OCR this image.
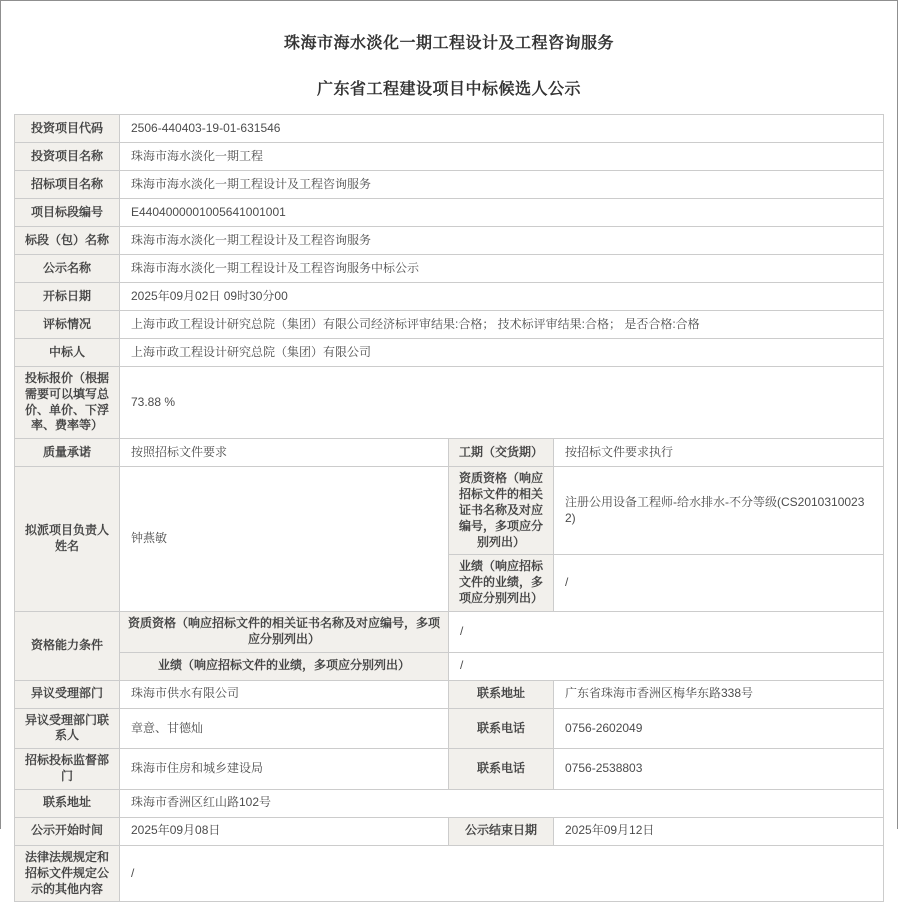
珠海市海水淡化一期工程设计及工程咨询服务
广东省工程建设项目中标候选人公示
投资项目代码	2506-440403-19-01-631546		
投资项目名称	珠海市海水淡化一期工程		
招标项目名称	珠海市海水淡化一期工程设计及工程咨询服务		
项目标段编号	E4404000001005641001001		
标段（包）名称	珠海市海水淡化一期工程设计及工程咨询服务		
公示名称	珠海市海水淡化一期工程设计及工程咨询服务中标公示		
开标日期	2025年09月02日 09时30分00		
评标情况	上海市政工程设计研究总院（集团）有限公司经济标评审结果:合格； 技术标评审结果:合格； 是否合格:合格		
中标人	上海市政工程设计研究总院（集团）有限公司		
投标报价（根据需要可以填写总价、单价、下浮率、费率等）	73.88 %		
质量承诺	按照招标文件要求	工期（交货期）	按招标文件要求执行
拟派项目负责人姓名	钟燕敏	资质资格（响应招标文件的相关证书名称及对应编号，多项应分别列出）	注册公用设备工程师-给水排水-不分等级(CS20103100232)
		业绩（响应招标文件的业绩，多项应分别列出）	/
资格能力条件	资质资格（响应招标文件的相关证书名称及对应编号，多项应分别列出）	/	
	业绩（响应招标文件的业绩，多项应分别列出）	/	
异议受理部门	珠海市供水有限公司	联系地址	广东省珠海市香洲区梅华东路338号
异议受理部门联系人	章意、甘德灿	联系电话	0756-2602049
招标投标监督部门	珠海市住房和城乡建设局	联系电话	0756-2538803
联系地址	珠海市香洲区红山路102号		
公示开始时间	2025年09月08日	公示结束日期	2025年09月12日
法律法规规定和招标文件规定公示的其他内容	/		
